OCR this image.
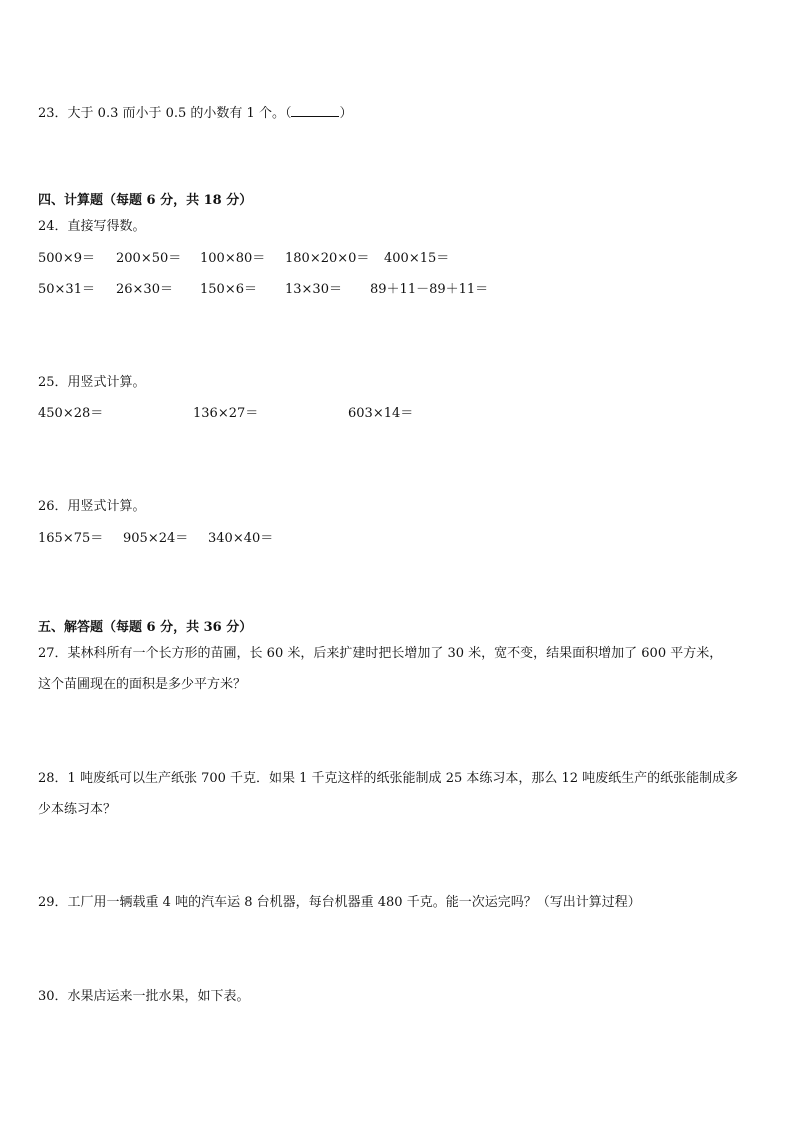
23．大于 0.3 而小于 0.5 的小数有 1 个。（	）
四、计算题（每题 6 分，共 18 分）
24．直接写得数。
500×9＝ 200×50＝ 100×80＝ 180×20×0＝ 400×15＝
50×31＝ 26×30＝ 150×6＝ 13×30＝ 89＋11－89＋11＝
25．用竖式计算。
450×28＝	136×27＝	603×14＝
26．用竖式计算。
165×75＝ 905×24＝ 340×40＝
五、解答题（每题 6 分，共 36 分）
27．某林科所有一个长方形的苗圃，长 60 米，后来扩建时把长增加了 30 米，宽不变，结果面积增加了 600 平方米，
这个苗圃现在的面积是多少平方米？
28．1 吨废纸可以生产纸张 700 千克．如果 1 千克这样的纸张能制成 25 本练习本，那么 12 吨废纸生产的纸张能制成多
少本练习本？
29．工厂用一辆载重 4 吨的汽车运 8 台机器，每台机器重 480 千克。能一次运完吗？（写出计算过程）
30．水果店运来一批水果，如下表。
